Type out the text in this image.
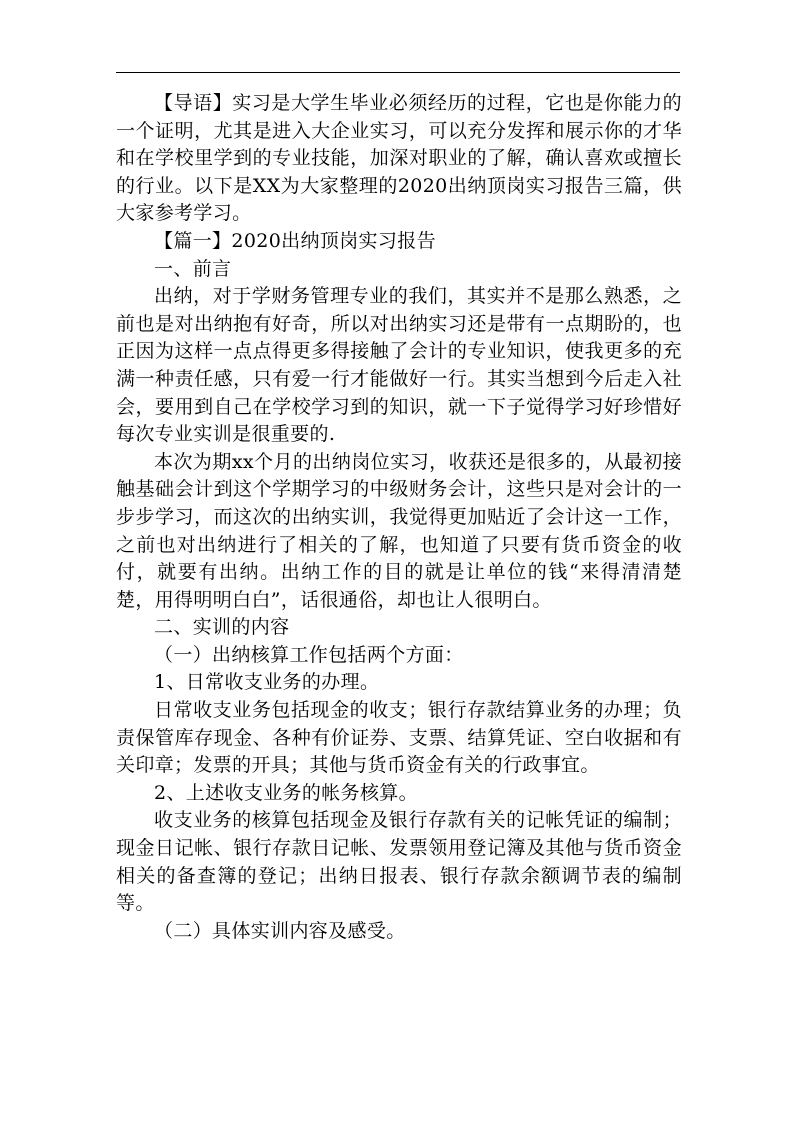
【导语】实习是大学生毕业必须经历的过程，它也是你能力的一个证明，尤其是进入大企业实习，可以充分发挥和展示你的才华和在学校里学到的专业技能，加深对职业的了解，确认喜欢或擅长的行业。以下是XX为大家整理的2020出纳顶岗实习报告三篇，供大家参考学习。

【篇一】2020出纳顶岗实习报告

一、前言

出纳，对于学财务管理专业的我们，其实并不是那么熟悉，之前也是对出纳抱有好奇，所以对出纳实习还是带有一点期盼的，也正因为这样一点点得更多得接触了会计的专业知识，使我更多的充满一种责任感，只有爱一行才能做好一行。其实当想到今后走入社会，要用到自己在学校学习到的知识，就一下子觉得学习好珍惜好每次专业实训是很重要的.

本次为期xx个月的出纳岗位实习，收获还是很多的，从最初接触基础会计到这个学期学习的中级财务会计，这些只是对会计的一步步学习，而这次的出纳实训，我觉得更加贴近了会计这一工作，之前也对出纳进行了相关的了解，也知道了只要有货币资金的收付，就要有出纳。出纳工作的目的就是让单位的钱“来得清清楚楚，用得明明白白”，话很通俗，却也让人很明白。

二、实训的内容

（一）出纳核算工作包括两个方面：

1、日常收支业务的办理。

日常收支业务包括现金的收支；银行存款结算业务的办理；负责保管库存现金、各种有价证券、支票、结算凭证、空白收据和有关印章；发票的开具；其他与货币资金有关的行政事宜。

2、上述收支业务的帐务核算。

收支业务的核算包括现金及银行存款有关的记帐凭证的编制；现金日记帐、银行存款日记帐、发票领用登记簿及其他与货币资金相关的备查簿的登记；出纳日报表、银行存款余额调节表的编制等。

（二）具体实训内容及感受。
